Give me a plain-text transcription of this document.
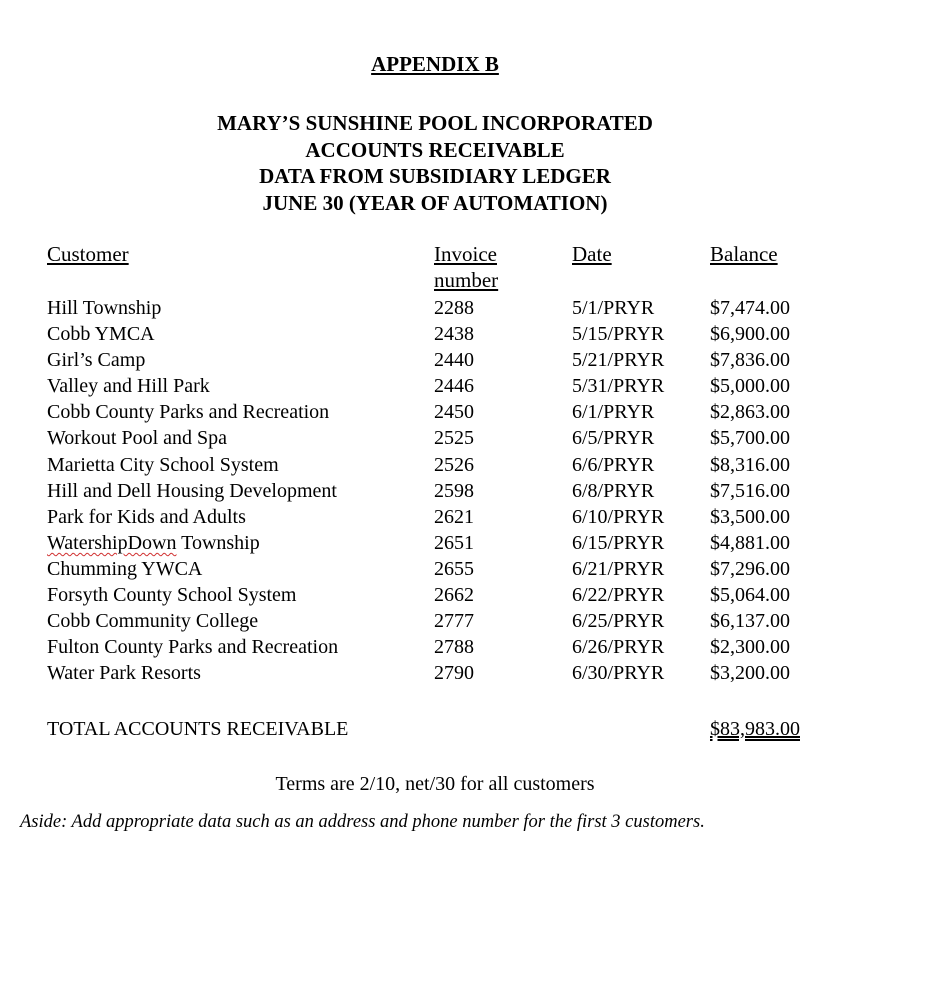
APPENDIX B
MARY’S SUNSHINE POOL INCORPORATED
ACCOUNTS RECEIVABLE
DATA FROM SUBSIDIARY LEDGER
JUNE 30 (YEAR OF AUTOMATION)
Customer	Invoice
number
Date	Balance
Hill Township	2288	5/1/PRYR	$7,474.00
Cobb YMCA	2438	5/15/PRYR $6,900.00
Girl’s Camp	2440	5/21/PRYR $7,836.00
Valley and Hill Park	2446	5/31/PRYR $5,000.00
Cobb County Parks and Recreation	2450	6/1/PRYR	$2,863.00
Workout Pool and Spa	2525	6/5/PRYR	$5,700.00
Marietta City School System	2526	6/6/PRYR	$8,316.00
Hill and Dell Housing Development	2598	6/8/PRYR	$7,516.00
Park for Kids and Adults	2621	6/10/PRYR $3,500.00
WatershipDown Township	2651	6/15/PRYR $4,881.00
Chumming YWCA	2655	6/21/PRYR $7,296.00
Forsyth County School System	2662	6/22/PRYR $5,064.00
Cobb Community College	2777	6/25/PRYR $6,137.00
Fulton County Parks and Recreation	2788	6/26/PRYR $2,300.00
Water Park Resorts	2790	6/30/PRYR $3,200.00
TOTAL ACCOUNTS RECEIVABLE	$83,983.00
Terms are 2/10, net/30 for all customers
Aside: Add appropriate data such as an address and phone number for the first 3 customers.
